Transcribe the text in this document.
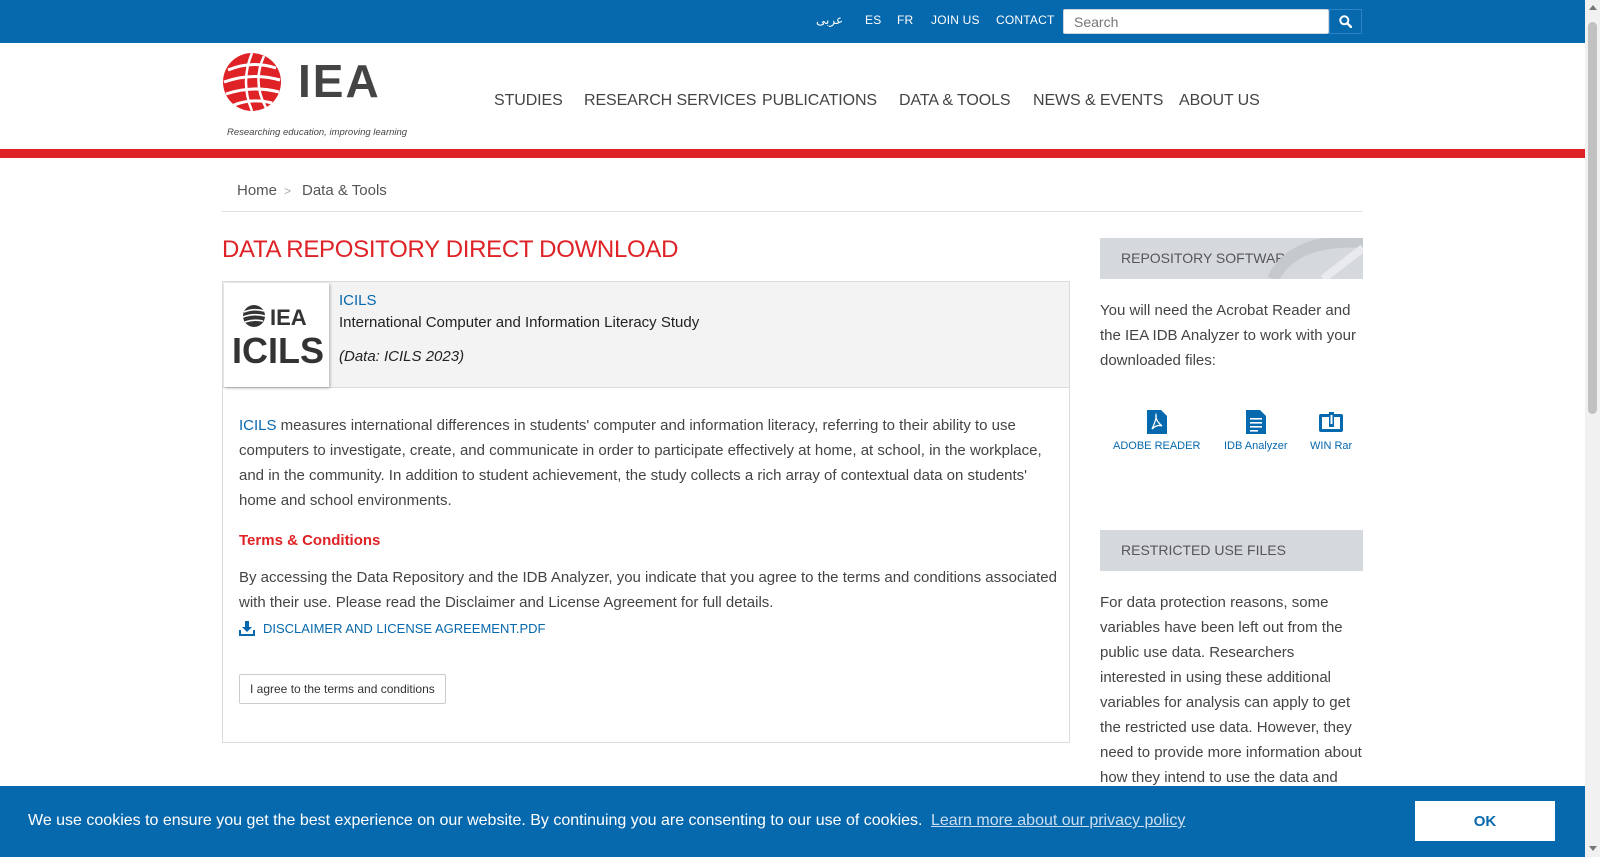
عربى ES FR JOIN US CONTACT
Search
IEA
Researching education, improving learning
STUDIES RESEARCH SERVICES PUBLICATIONS DATA & TOOLS NEWS & EVENTS ABOUT US
Home > Data & Tools
DATA REPOSITORY DIRECT DOWNLOAD
IEA
ICILS
ICILS
International Computer and Information Literacy Study
(Data: ICILS 2023)

ICILS measures international differences in students' computer and information literacy, referring to their ability to use computers to investigate, create, and communicate in order to participate effectively at home, at school, in the workplace, and in the community. In addition to student achievement, the study collects a rich array of contextual data on students' home and school environments.

Terms & Conditions

By accessing the Data Repository and the IDB Analyzer, you indicate that you agree to the terms and conditions associated with their use. Please read the Disclaimer and License Agreement for full details.

DISCLAIMER AND LICENSE AGREEMENT.PDF
I agree to the terms and conditions
REPOSITORY SOFTWARE

You will need the Acrobat Reader and the IEA IDB Analyzer to work with your downloaded files:

ADOBE READER IDB Analyzer WIN Rar
RESTRICTED USE FILES

For data protection reasons, some variables have been left out from the public use data. Researchers interested in using these additional variables for analysis can apply to get the restricted use data. However, they need to provide more information about how they intend to use the data and

We use cookies to ensure you get the best experience on our website. By continuing you are consenting to our use of cookies. Learn more about our privacy policy	OK
